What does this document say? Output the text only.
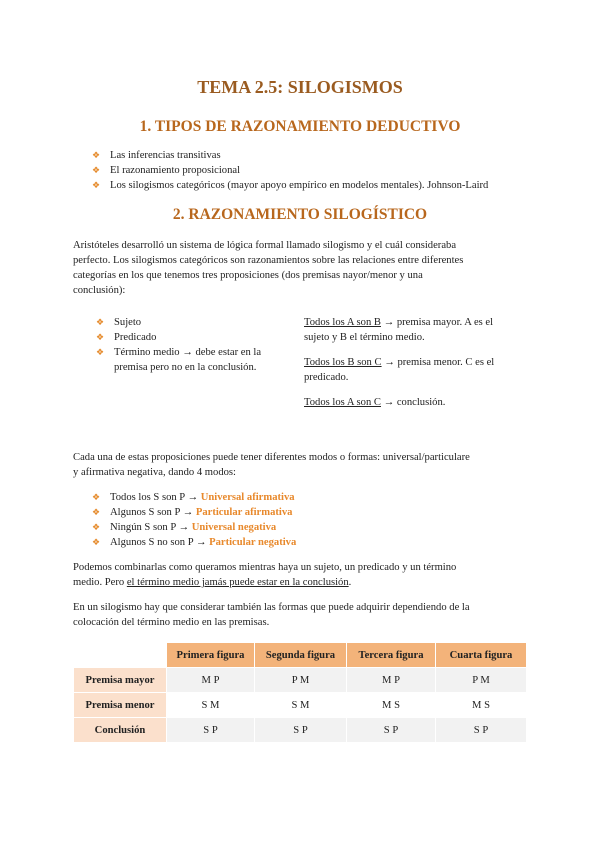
TEMA 2.5: SILOGISMOS
1. TIPOS DE RAZONAMIENTO DEDUCTIVO
❖ Las inferencias transitivas
❖ El razonamiento proposicional
❖ Los silogismos categóricos (mayor apoyo empírico en modelos mentales). Johnson-Laird
2. RAZONAMIENTO SILOGÍSTICO

Aristóteles desarrolló un sistema de lógica formal llamado silogismo y el cuál consideraba

perfecto. Los silogismos categóricos son razonamientos sobre las relaciones entre diferentes

categorías en los que tenemos tres proposiciones (dos premisas nayor/menor y una

conclusión):

❖ Sujeto
❖ Predicado
❖ Término medio → debe estar en la
premisa pero no en la conclusión.

Todos los A son B → premisa mayor. A es el
sujeto y B el término medio.

Todos los B son C → premisa menor. C es el
predicado.

Todos los A son C → conclusión.

Cada una de estas proposiciones puede tener diferentes modos o formas: universal/particulare

y afirmativa negativa, dando 4 modos:

❖ Todos los S son P → Universal afirmativa
❖ Algunos S son P → Particular afirmativa
❖ Ningún S son P → Universal negativa
❖ Algunos S no son P → Particular negativa

Podemos combinarlas como queramos mientras haya un sujeto, un predicado y un término

medio. Pero el término medio jamás puede estar en la conclusión.

En un silogismo hay que considerar también las formas que puede adquirir dependiendo de la

colocación del término medio en las premisas.

	Primera figura	Segunda figura	Tercera figura	Cuarta figura
Premisa mayor	M P	P M	M P	P M
Premisa menor	S M	S M	M S	M S
Conclusión	S P	S P	S P	S P
